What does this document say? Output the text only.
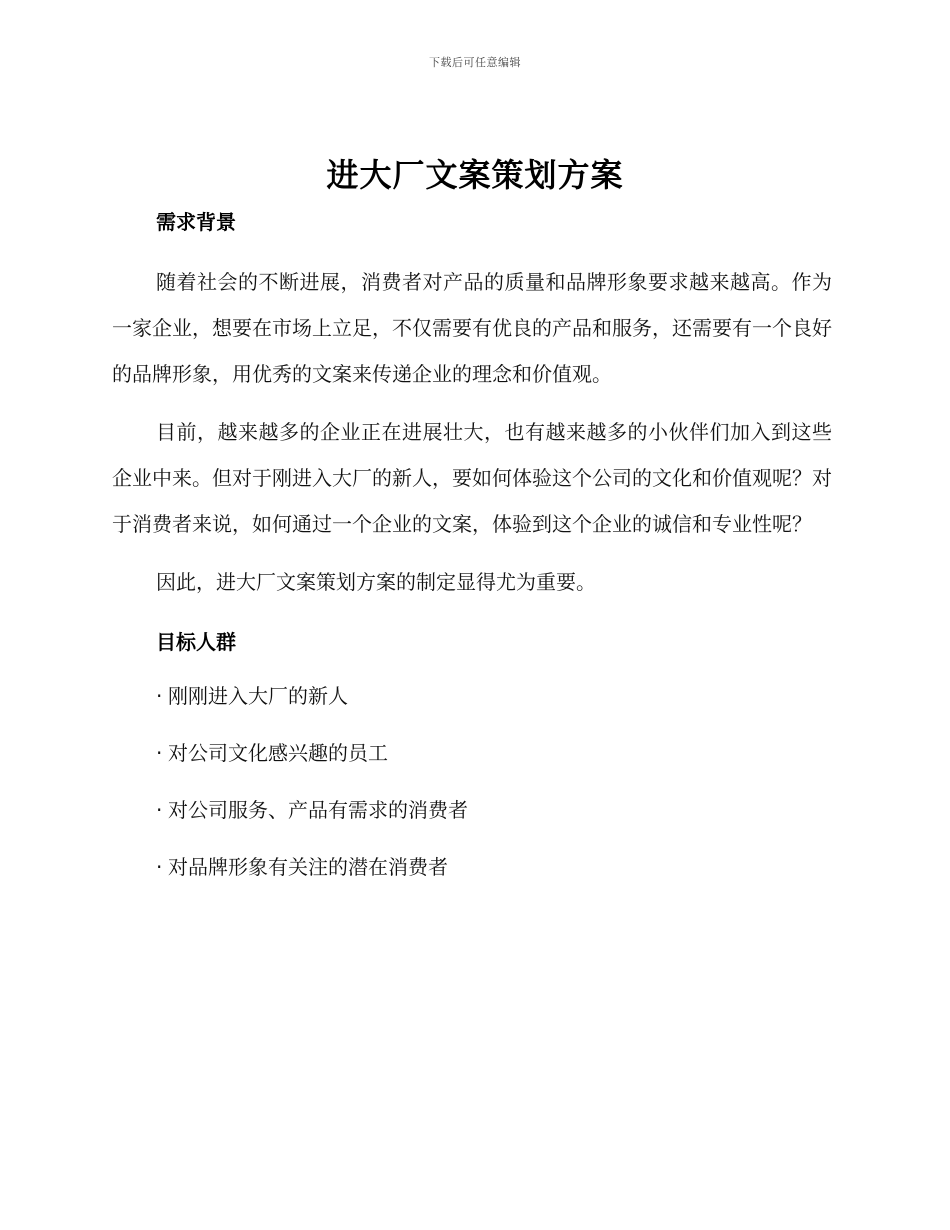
下载后可任意编辑
进大厂文案策划方案
需求背景

随着社会的不断进展，消费者对产品的质量和品牌形象要求越来越高。作为一家企业，想要在市场上立足，不仅需要有优良的产品和服务，还需要有一个良好的品牌形象，用优秀的文案来传递企业的理念和价值观。

目前，越来越多的企业正在进展壮大，也有越来越多的小伙伴们加入到这些企业中来。但对于刚进入大厂的新人，要如何体验这个公司的文化和价值观呢？对于消费者来说，如何通过一个企业的文案，体验到这个企业的诚信和专业性呢？

因此，进大厂文案策划方案的制定显得尤为重要。

目标人群
· 刚刚进入大厂的新人
· 对公司文化感兴趣的员工
· 对公司服务、产品有需求的消费者
· 对品牌形象有关注的潜在消费者
